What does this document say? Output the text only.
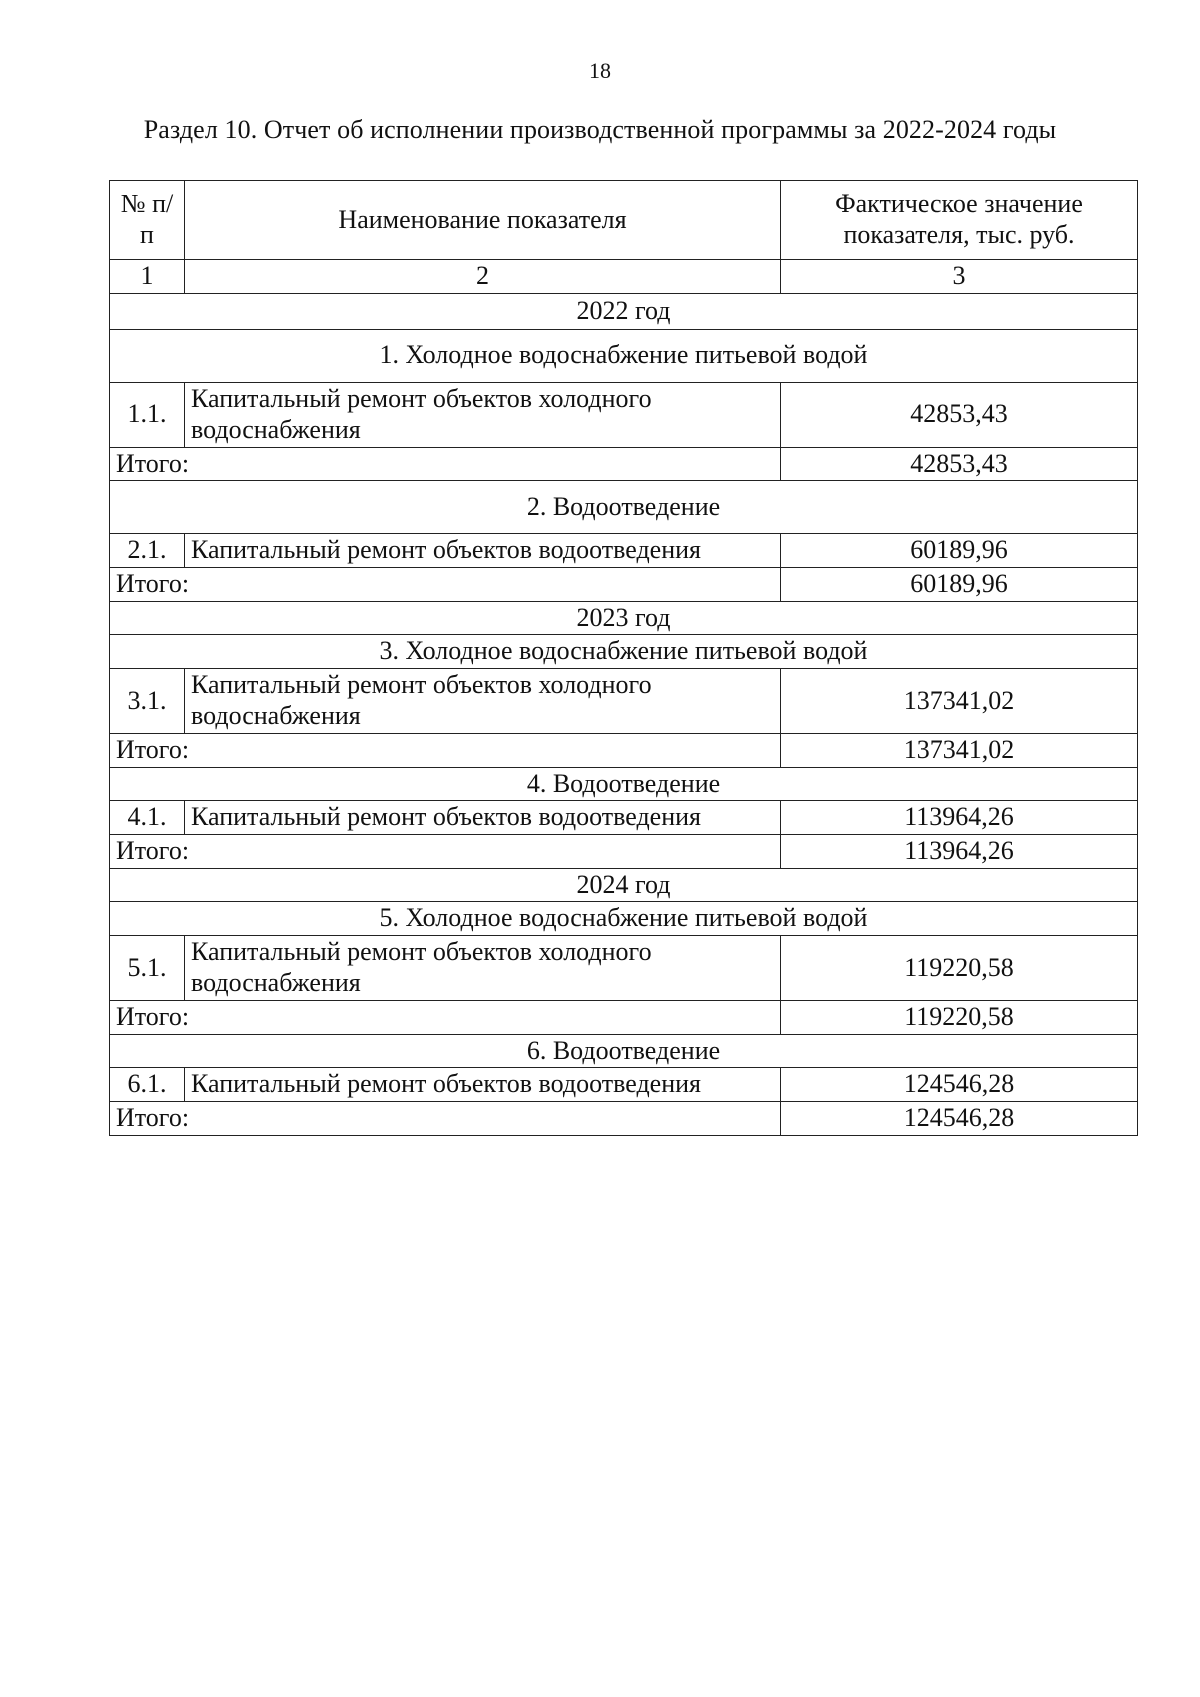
18
Раздел 10. Отчет об исполнении производственной программы за 2022-2024 годы
№ п/п	Наименование показателя	Фактическое значение показателя, тыс. руб.
1	2	3
2022 год		
1. Холодное водоснабжение питьевой водой		
1.1.	Капитальный ремонт объектов холодного водоснабжения	42853,43
Итого:		42853,43
2. Водоотведение		
2.1.	Капитальный ремонт объектов водоотведения	60189,96
Итого:		60189,96
2023 год		
3. Холодное водоснабжение питьевой водой		
3.1.	Капитальный ремонт объектов холодного водоснабжения	137341,02
Итого:		137341,02
4. Водоотведение		
4.1.	Капитальный ремонт объектов водоотведения	113964,26
Итого:		113964,26
2024 год		
5. Холодное водоснабжение питьевой водой		
5.1.	Капитальный ремонт объектов холодного водоснабжения	119220,58
Итого:		119220,58
6. Водоотведение		
6.1.	Капитальный ремонт объектов водоотведения	124546,28
Итого:		124546,28
